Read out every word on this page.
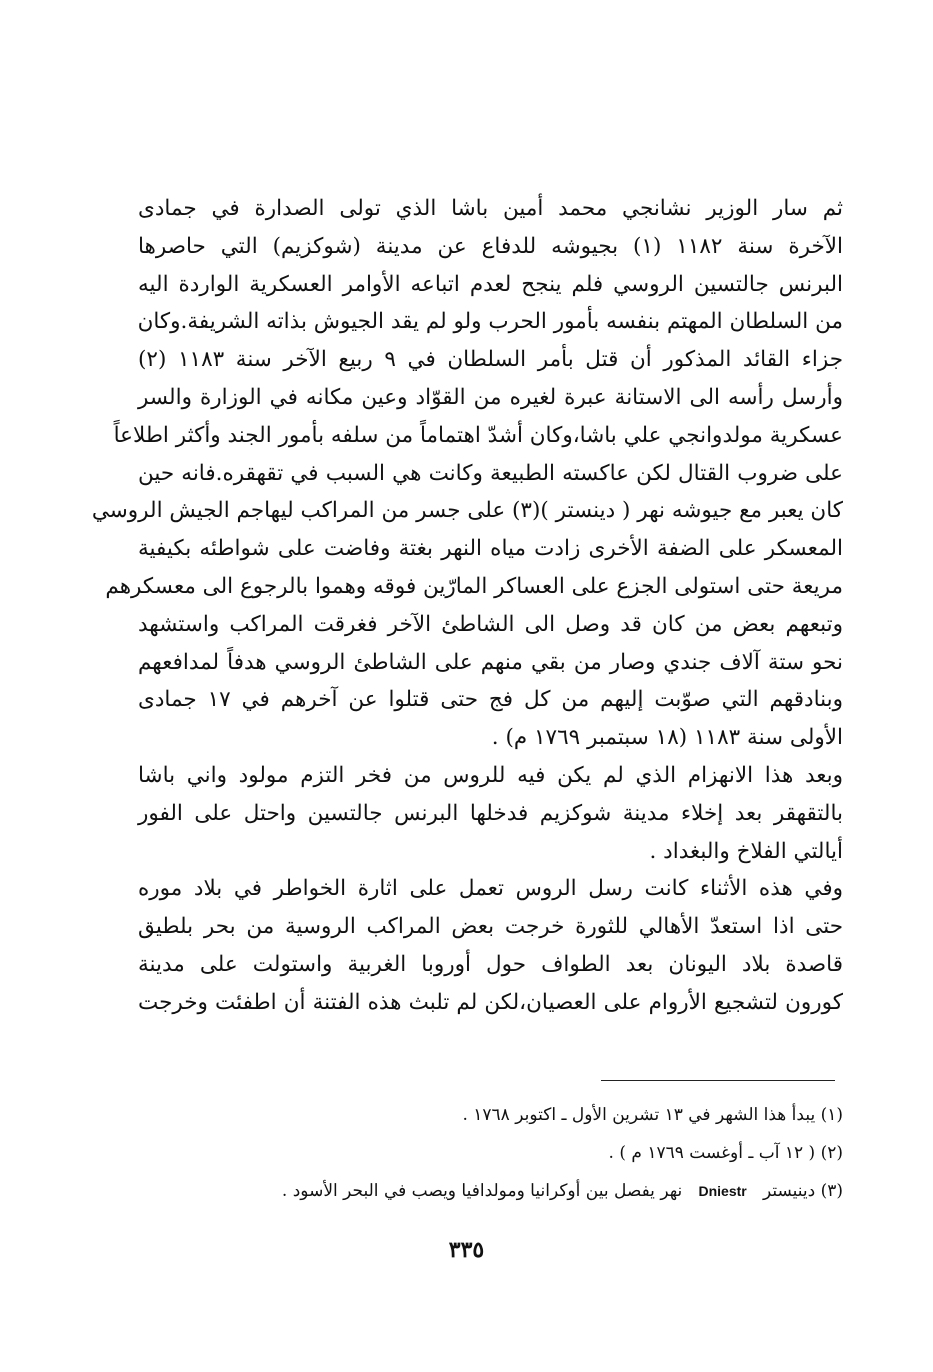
ثم سار الوزير نشانجي محمد أمين باشا الذي تولى الصدارة في جمادى
الآخرة سنة ١١٨٢ (١) بجيوشه للدفاع عن مدينة (شوكزيم) التي حاصرها
البرنس جالتسين الروسي فلم ينجح لعدم اتباعه الأوامر العسكرية الواردة اليه
من السلطان المهتم بنفسه بأمور الحرب ولو لم يقد الجيوش بذاته الشريفة.وكان
جزاء القائد المذكور أن قتل بأمر السلطان في ٩ ربيع الآخر سنة ١١٨٣ (٢)
وأرسل رأسه الى الاستانة عبرة لغيره من القوّاد وعين مكانه في الوزارة والسر
عسكرية مولدوانجي علي باشا،وكان أشدّ اهتماماً من سلفه بأمور الجند وأكثر اطلاعاً
على ضروب القتال لكن عاكسته الطبيعة وكانت هي السبب في تقهقره.فانه حين
كان يعبر مع جيوشه نهر ( دينستر )(٣) على جسر من المراكب ليهاجم الجيش الروسي
المعسكر على الضفة الأخرى زادت مياه النهر بغتة وفاضت على شواطئه بكيفية
مريعة حتى استولى الجزع على العساكر المارّين فوقه وهموا بالرجوع الى معسكرهم
وتبعهم بعض من كان قد وصل الى الشاطئ الآخر فغرقت المراكب واستشهد
نحو ستة آلاف جندي وصار من بقي منهم على الشاطئ الروسي هدفاً لمدافعهم
وبنادقهم التي صوّبت إليهم من كل فج حتى قتلوا عن آخرهم في ١٧ جمادى
الأولى سنة ١١٨٣ (١٨ سبتمبر ١٧٦٩ م) .
وبعد هذا الانهزام الذي لم يكن فيه للروس من فخر التزم مولود واني باشا
بالتقهقر بعد إخلاء مدينة شوكزيم فدخلها البرنس جالتسين واحتل على الفور
أيالتي الفلاخ والبغداد .
وفي هذه الأثناء كانت رسل الروس تعمل على اثارة الخواطر في بلاد موره
حتى اذا استعدّ الأهالي للثورة خرجت بعض المراكب الروسية من بحر بلطيق
قاصدة بلاد اليونان بعد الطواف حول أوروبا الغربية واستولت على مدينة
كورون لتشجيع الأروام على العصيان،لكن لم تلبث هذه الفتنة أن اطفئت وخرجت
(١) يبدأ هذا الشهر في ١٣ تشرين الأول ـ اكتوبر ١٧٦٨ .
(٢) ( ١٢ آب ـ أوغست ١٧٦٩ م ) .
(٣) دينيستر   Dniestr   نهر يفصل بين أوكرانيا ومولدافيا ويصب في البحر الأسود .
٣٣٥
